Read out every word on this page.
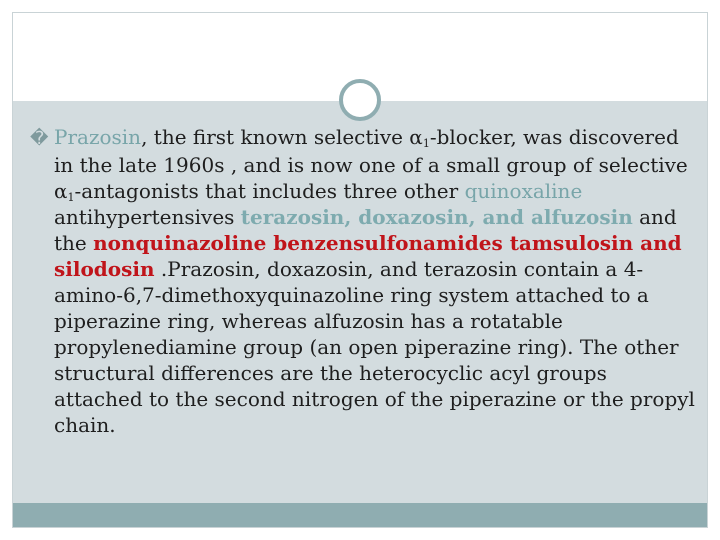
� Prazosin, the first known selective $\alpha_1$-blocker, was discovered in the late 1960s , and is now one of a small group of selective $\alpha_1$-antagonists that includes three other quinoxaline antihypertensives terazosin, doxazosin, and alfuzosin and the nonquinazoline benzensulfonamides tamsulosin and silodosin .Prazosin, doxazosin, and terazosin contain a 4-amino-6,7-dimethoxyquinazoline ring system attached to a piperazine ring, whereas alfuzosin has a rotatable propylenediamine group (an open piperazine ring). The other structural differences are the heterocyclic acyl groups attached to the second nitrogen of the piperazine or the propyl chain.
